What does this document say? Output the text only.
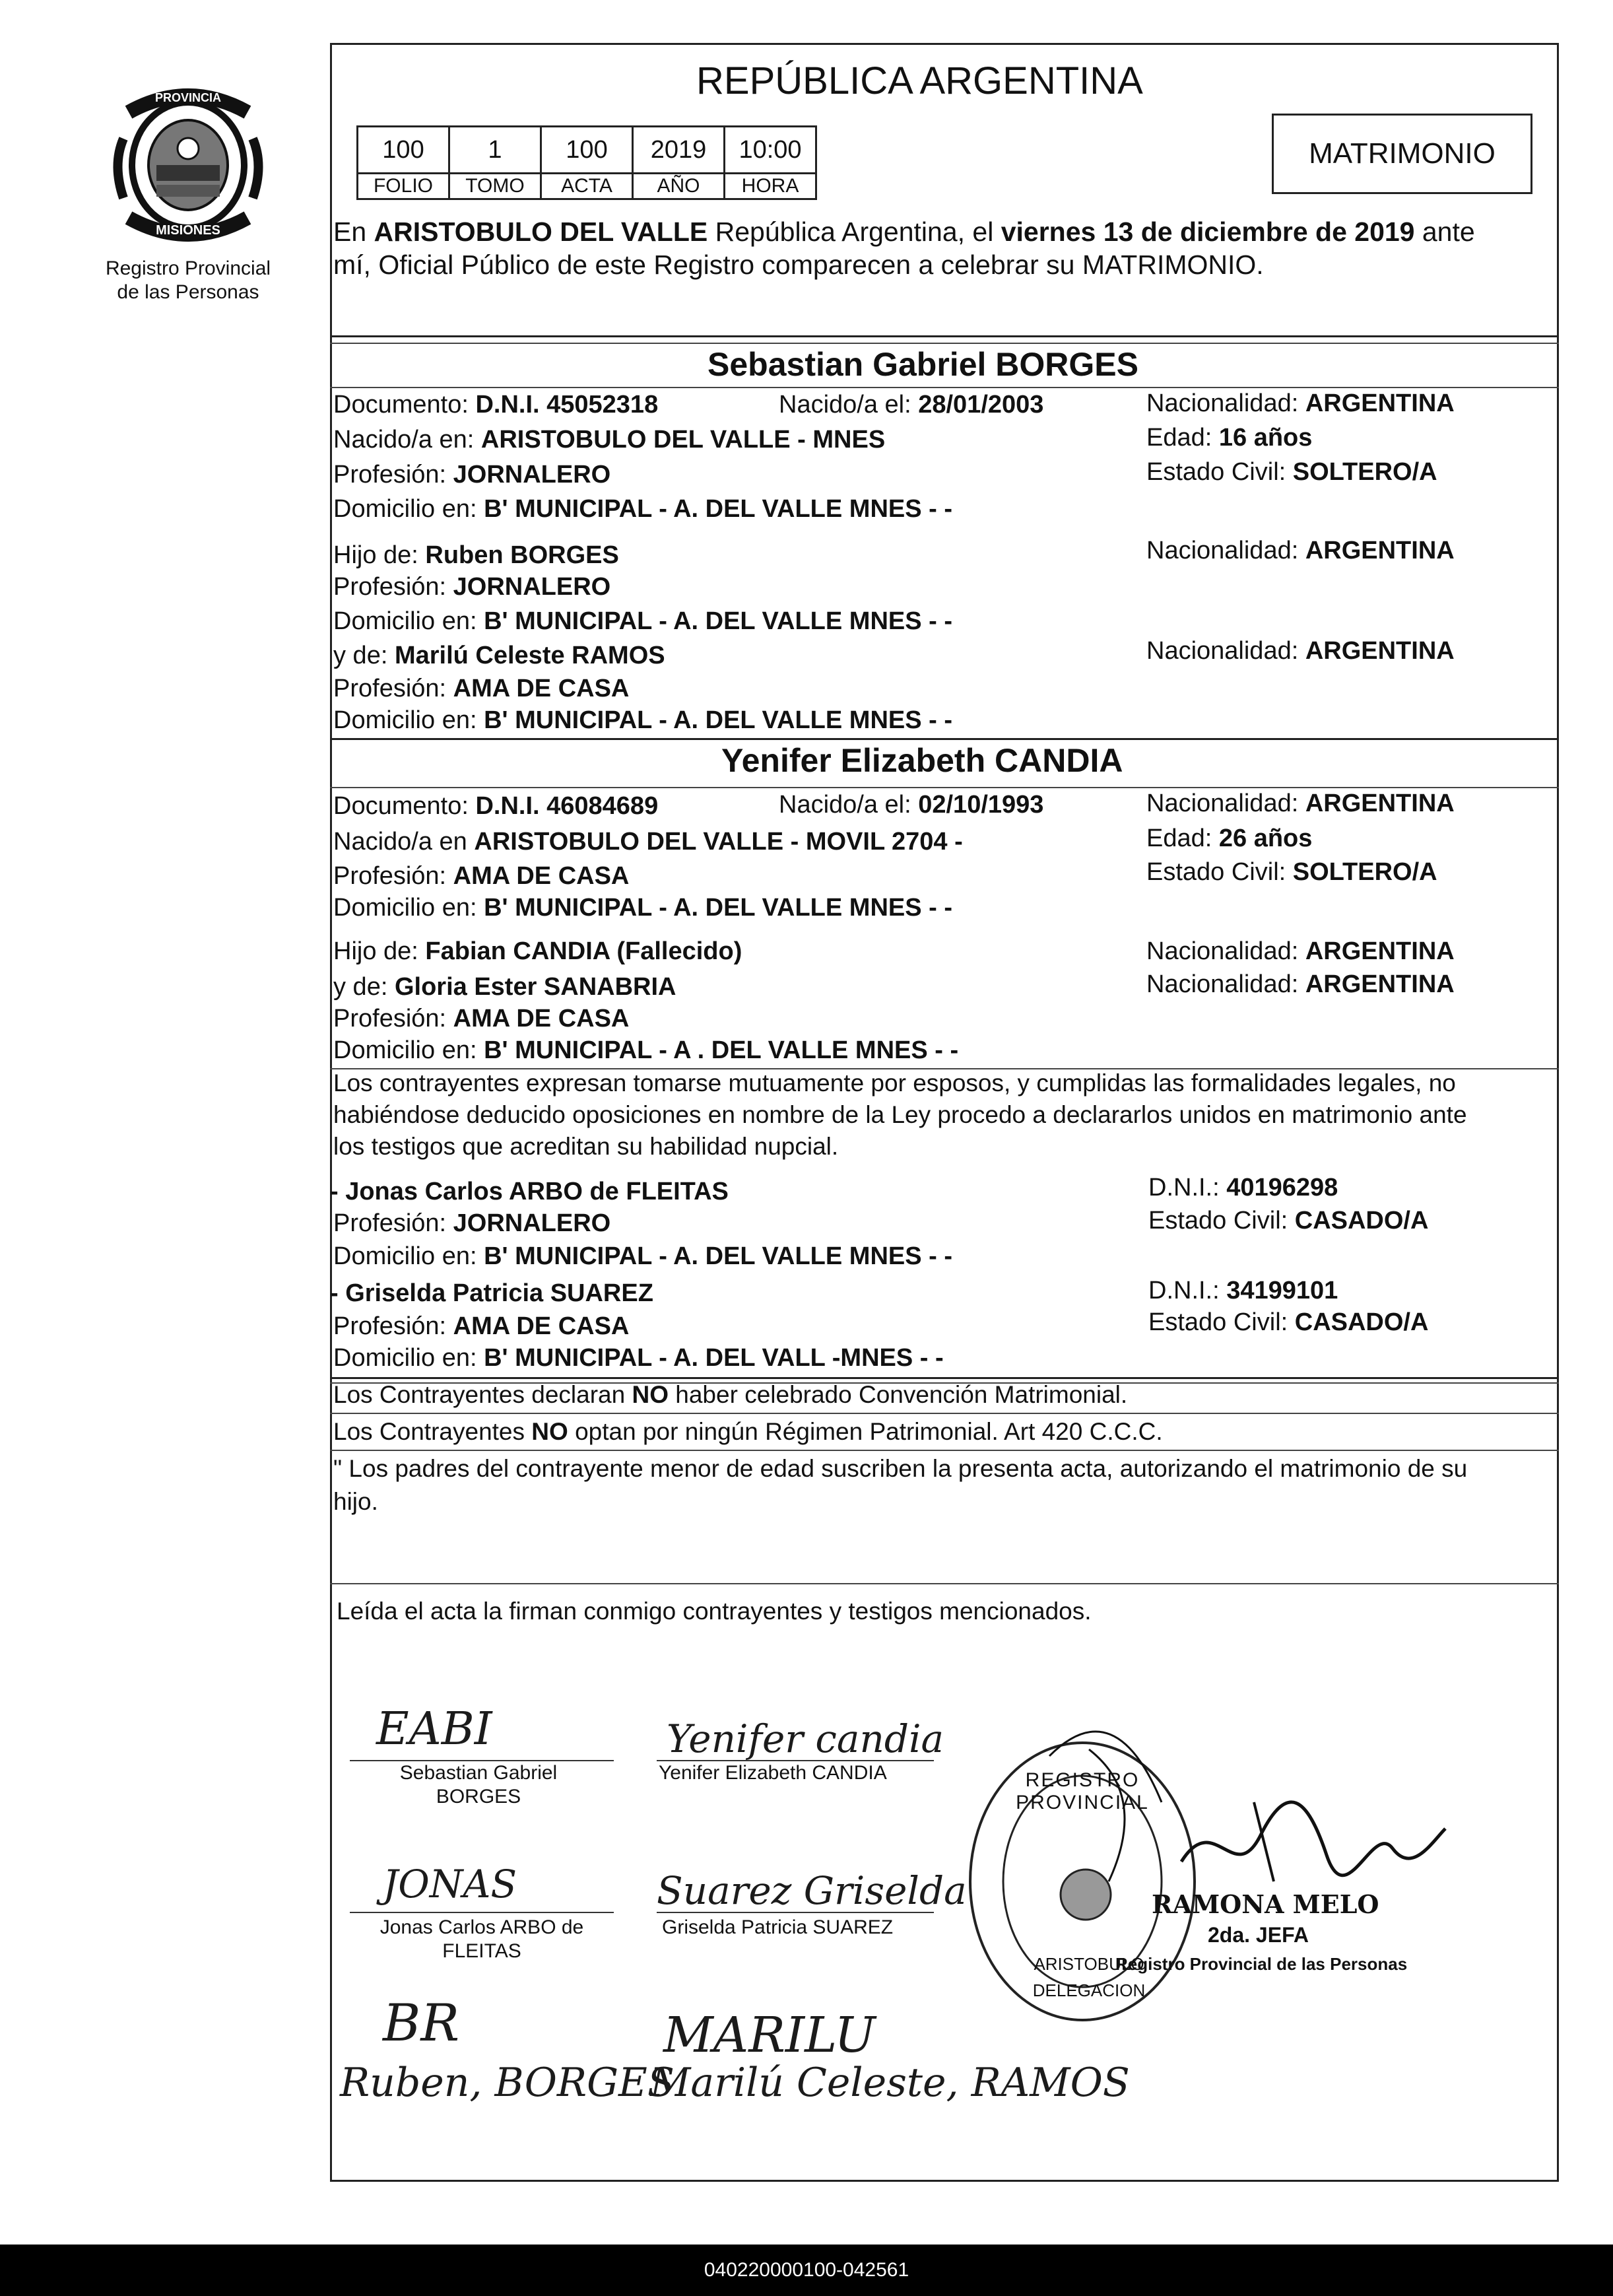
PROVINCIA DE
MISIONES
Registro Provincial
de las Personas
REPÚBLICA ARGENTINA
100	1	100	2019	10:00
FOLIO	TOMO	ACTA	AÑO	HORA
MATRIMONIO
En ARISTOBULO DEL VALLE República Argentina, el viernes 13 de diciembre de 2019 ante
mí, Oficial Público de este Registro comparecen a celebrar su MATRIMONIO.
Sebastian Gabriel BORGES
Documento: D.N.I. 45052318	Nacido/a el: 28/01/2003	Nacionalidad: ARGENTINA
Nacido/a en: ARISTOBULO DEL VALLE - MNES	Edad: 16 años
Profesión: JORNALERO	Estado Civil: SOLTERO/A
Domicilio en: B' MUNICIPAL - A. DEL VALLE MNES - -
Hijo de: Ruben BORGES	Nacionalidad: ARGENTINA
Profesión: JORNALERO
Domicilio en: B' MUNICIPAL - A. DEL VALLE MNES - -
y de: Marilú Celeste RAMOS	Nacionalidad: ARGENTINA
Profesión: AMA DE CASA
Domicilio en: B' MUNICIPAL - A. DEL VALLE MNES - -
Yenifer Elizabeth CANDIA
Documento: D.N.I. 46084689	Nacido/a el: 02/10/1993	Nacionalidad: ARGENTINA
Nacido/a en ARISTOBULO DEL VALLE - MOVIL 2704 -	Edad: 26 años
Profesión: AMA DE CASA	Estado Civil: SOLTERO/A
Domicilio en: B' MUNICIPAL - A. DEL VALLE MNES - -
Hijo de: Fabian CANDIA (Fallecido)	Nacionalidad: ARGENTINA
y de: Gloria Ester SANABRIA	Nacionalidad: ARGENTINA
Profesión: AMA DE CASA
Domicilio en: B' MUNICIPAL - A . DEL VALLE MNES - -
Los contrayentes expresan tomarse mutuamente por esposos, y cumplidas las formalidades legales, no
habiéndose deducido oposiciones en nombre de la Ley procedo a declararlos unidos en matrimonio ante
los testigos que acreditan su habilidad nupcial.
- Jonas Carlos ARBO de FLEITAS	D.N.I.: 40196298
Profesión: JORNALERO	Estado Civil: CASADO/A
Domicilio en: B' MUNICIPAL - A. DEL VALLE MNES - -
- Griselda Patricia SUAREZ	D.N.I.: 34199101
Profesión: AMA DE CASA	Estado Civil: CASADO/A
Domicilio en: B' MUNICIPAL - A. DEL VALL -MNES - -
Los Contrayentes declaran NO haber celebrado Convención Matrimonial.
Los Contrayentes NO optan por ningún Régimen Patrimonial. Art 420 C.C.C.
" Los padres del contrayente menor de edad suscriben la presenta acta, autorizando el matrimonio de su
hijo.
Leída el acta la firman conmigo contrayentes y testigos mencionados.
EABI
Sebastian Gabriel
BORGES
Yenifer candia
Yenifer Elizabeth CANDIA
JONAS
Jonas Carlos ARBO de
FLEITAS
Suarez Griselda
Griselda Patricia SUAREZ
BR
Ruben, BORGES
MARILU
Marilú Celeste, RAMOS
REGISTRO PROVINCIAL
ARISTOBULO
DELEGACION
RAMONA MELO
2da. JEFA
Registro Provincial de las Personas
040220000100-042561
